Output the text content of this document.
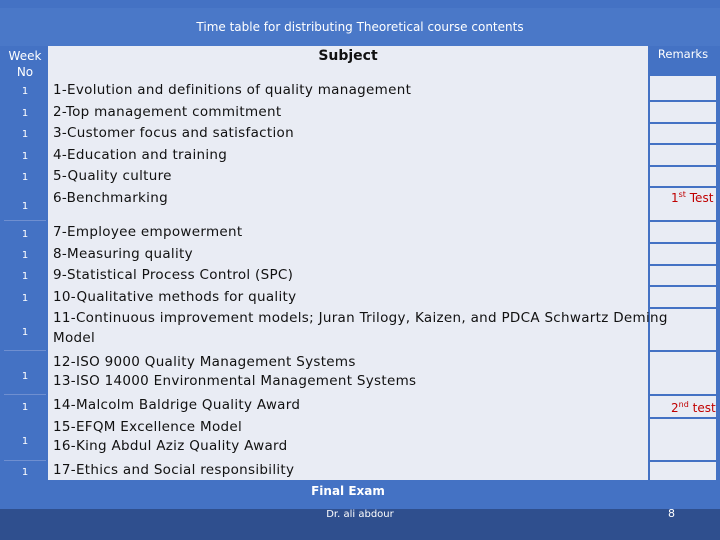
Time table for distributing Theoretical course contents
Week No
Subject	Remarks
1
1
1
1
1
1
1
1
1
1
1
1
1
1
1
1-Evolution and definitions of quality management
2-Top management commitment
3-Customer focus and satisfaction
4-Education and training
5-Quality culture
6-Benchmarking
7-Employee empowerment
8-Measuring quality
9-Statistical Process Control (SPC)
10-Qualitative methods for quality
11-Continuous improvement models; Juran Trilogy, Kaizen, and PDCA Schwartz Deming
Model
12-ISO 9000 Quality Management Systems
13-ISO 14000 Environmental Management Systems
14-Malcolm Baldrige Quality Award
15-EFQM Excellence Model
16-King Abdul Aziz Quality Award
17-Ethics and Social responsibility
1st Test
2nd test
Final Exam
Dr. ali abdour	8
